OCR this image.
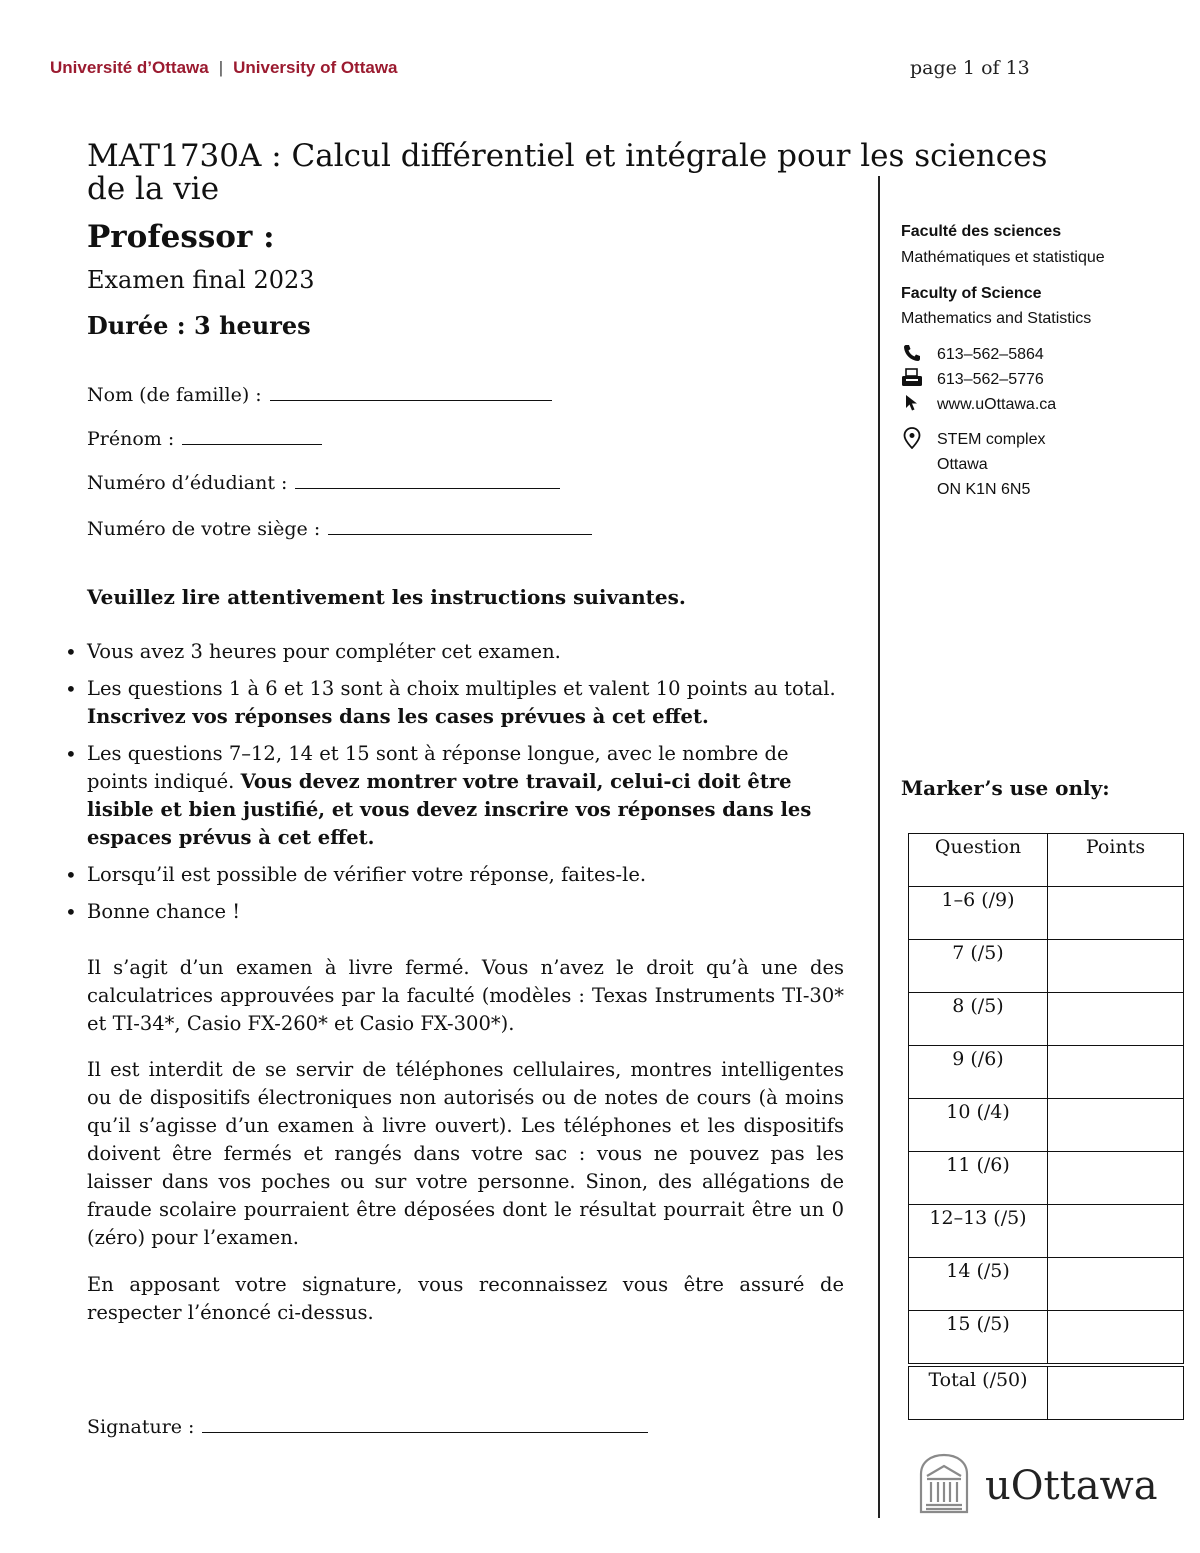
Université d’Ottawa | University of Ottawa	page 1 of 13
MAT1730A : Calcul différentiel et intégrale pour les sciences de la vie
Professor :
Examen final 2023
Durée : 3 heures
Nom (de famille) :
Prénom :
Numéro d’édudiant :
Numéro de votre siège :
Veuillez lire attentivement les instructions suivantes.
• Vous avez 3 heures pour compléter cet examen.
• Les questions 1 à 6 et 13 sont à choix multiples et valent 10 points au total.
Inscrivez vos réponses dans les cases prévues à cet effet.
• Les questions 7–12, 14 et 15 sont à réponse longue, avec le nombre de points indiqué. Vous devez montrer votre travail, celui-ci doit être lisible et bien justifié, et vous devez inscrire vos réponses dans les espaces prévus à cet effet.
• Lorsqu’il est possible de vérifier votre réponse, faites-le.
• Bonne chance !

Il s’agit d’un examen à livre fermé. Vous n’avez le droit qu’à une des calculatrices approuvées par la faculté (modèles : Texas Instruments TI-30* et TI-34*, Casio FX-260* et Casio FX-300*).

Il est interdit de se servir de téléphones cellulaires, montres intelligentes ou de dispositifs électroniques non autorisés ou de notes de cours (à moins qu’il s’agisse d’un examen à livre ouvert). Les téléphones et les dispositifs doivent être fermés et rangés dans votre sac : vous ne pouvez pas les laisser dans vos poches ou sur votre personne. Sinon, des allégations de fraude scolaire pourraient être déposées dont le résultat pourrait être un 0 (zéro) pour l’examen.

En apposant votre signature, vous reconnaissez vous être assuré de respecter l’énoncé ci-dessus.

Signature :
Faculté des sciences
Mathématiques et statistique
Faculty of Science
Mathematics and Statistics
613–562–5864
613–562–5776
www.uOttawa.ca
STEM complex
Ottawa
ON K1N 6N5
Marker’s use only:
Question	Points
1–6 (/9)	
7 (/5)	
8 (/5)	
9 (/6)	
10 (/4)	
11 (/6)	
12–13 (/5)	
14 (/5)	
15 (/5)	

Total (/50)	
uOttawa
